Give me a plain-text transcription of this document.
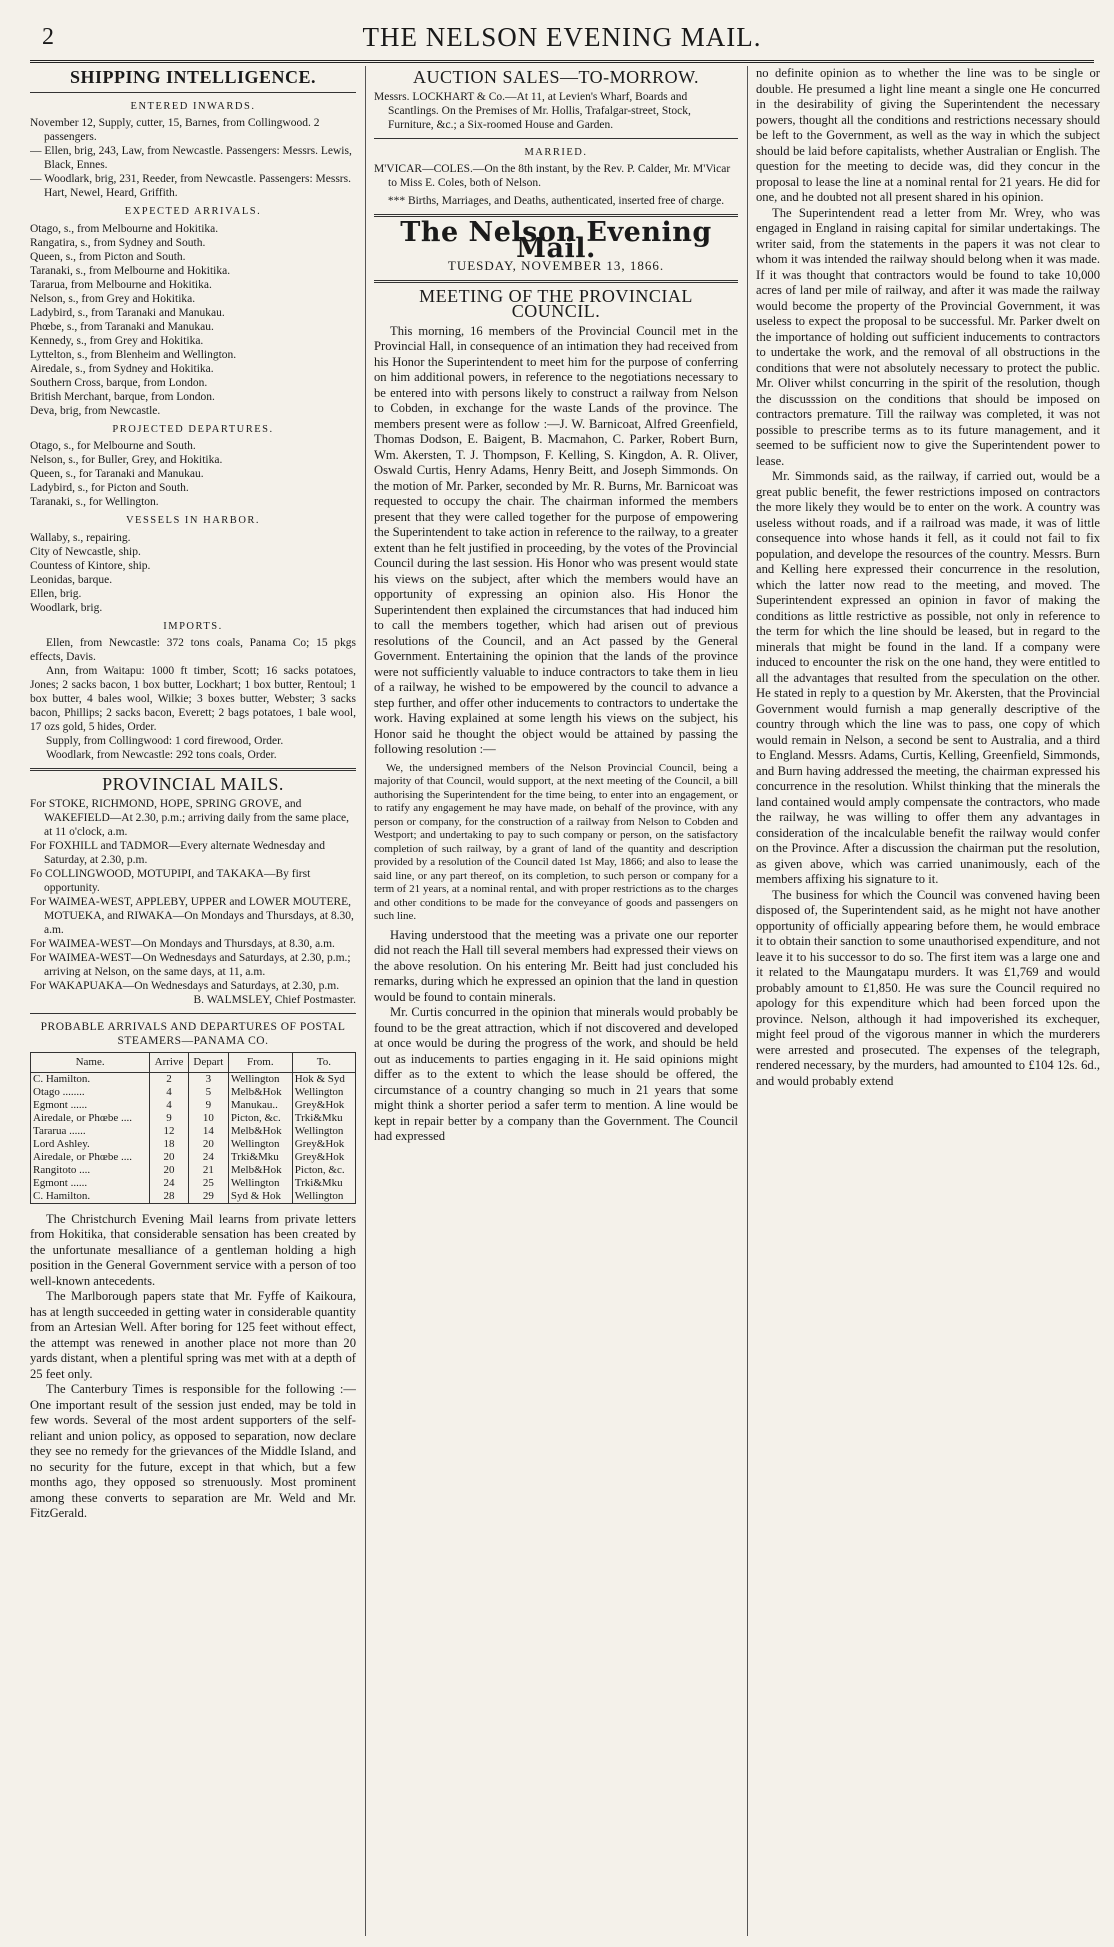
2	THE NELSON EVENING MAIL.
SHIPPING INTELLIGENCE.
ENTERED INWARDS.

November 12, Supply, cutter, 15, Barnes, from Collingwood. 2 passengers.

— Ellen, brig, 243, Law, from Newcastle. Passengers: Messrs. Lewis, Black, Ennes.

— Woodlark, brig, 231, Reeder, from Newcastle. Passengers: Messrs. Hart, Newel, Heard, Griffith.

EXPECTED ARRIVALS.

Otago, s., from Melbourne and Hokitika.

Rangatira, s., from Sydney and South.

Queen, s., from Picton and South.

Taranaki, s., from Melbourne and Hokitika.

Tararua, from Melbourne and Hokitika.

Nelson, s., from Grey and Hokitika.

Ladybird, s., from Taranaki and Manukau.

Phœbe, s., from Taranaki and Manukau.

Kennedy, s., from Grey and Hokitika.

Lyttelton, s., from Blenheim and Wellington.

Airedale, s., from Sydney and Hokitika.

Southern Cross, barque, from London.

British Merchant, barque, from London.

Deva, brig, from Newcastle.

PROJECTED DEPARTURES.

Otago, s., for Melbourne and South.

Nelson, s., for Buller, Grey, and Hokitika.

Queen, s., for Taranaki and Manukau.

Ladybird, s., for Picton and South.

Taranaki, s., for Wellington.

VESSELS IN HARBOR.

Wallaby, s., repairing.

City of Newcastle, ship.

Countess of Kintore, ship.

Leonidas, barque.

Ellen, brig.

Woodlark, brig.

IMPORTS.

Ellen, from Newcastle: 372 tons coals, Panama Co; 15 pkgs effects, Davis.

Ann, from Waitapu: 1000 ft timber, Scott; 16 sacks potatoes, Jones; 2 sacks bacon, 1 box butter, Lockhart; 1 box butter, Rentoul; 1 box butter, 4 bales wool, Wilkie; 3 boxes butter, Webster; 3 sacks bacon, Phillips; 2 sacks bacon, Everett; 2 bags potatoes, 1 bale wool, 17 ozs gold, 5 hides, Order.

Supply, from Collingwood: 1 cord firewood, Order.

Woodlark, from Newcastle: 292 tons coals, Order.

PROVINCIAL MAILS.

For STOKE, RICHMOND, HOPE, SPRING GROVE, and WAKEFIELD—At 2.30, p.m.; arriving daily from the same place, at 11 o'clock, a.m.

For FOXHILL and TADMOR—Every alternate Wednesday and Saturday, at 2.30, p.m.

Fo COLLINGWOOD, MOTUPIPI, and TAKAKA—By first opportunity.

For WAIMEA-WEST, APPLEBY, UPPER and LOWER MOUTERE, MOTUEKA, and RIWAKA—On Mondays and Thursdays, at 8.30, a.m.

For WAIMEA-WEST—On Mondays and Thursdays, at 8.30, a.m.

For WAIMEA-WEST—On Wednesdays and Saturdays, at 2.30, p.m.; arriving at Nelson, on the same days, at 11, a.m.

For WAKAPUAKA—On Wednesdays and Saturdays, at 2.30, p.m.

B. WALMSLEY, Chief Postmaster.

PROBABLE ARRIVALS AND DEPARTURES OF POSTAL STEAMERS—PANAMA CO.
Name.	Arrive	Depart	From.	To.
C. Hamilton.	2	3	Wellington	Hok & Syd
Otago ........	4	5	Melb&Hok	Wellington
Egmont ......	4	9	Manukau..	Grey&Hok
Airedale, or Phœbe ....	9	10	Picton, &c.	Trki&Mku
Tararua ......	12	14	Melb&Hok	Wellington
Lord Ashley.	18	20	Wellington	Grey&Hok
Airedale, or Phœbe ....	20	24	Trki&Mku	Grey&Hok
Rangitoto ....	20	21	Melb&Hok	Picton, &c.
Egmont ......	24	25	Wellington	Trki&Mku
C. Hamilton.	28	29	Syd & Hok	Wellington

The Christchurch Evening Mail learns from private letters from Hokitika, that considerable sensation has been created by the unfortunate mesalliance of a gentleman holding a high position in the General Government service with a person of too well-known antecedents.

The Marlborough papers state that Mr. Fyffe of Kaikoura, has at length succeeded in getting water in considerable quantity from an Artesian Well. After boring for 125 feet without effect, the attempt was renewed in another place not more than 20 yards distant, when a plentiful spring was met with at a depth of 25 feet only.

The Canterbury Times is responsible for the following :—One important result of the session just ended, may be told in few words. Several of the most ardent supporters of the self-reliant and union policy, as opposed to separation, now declare they see no remedy for the grievances of the Middle Island, and no security for the future, except in that which, but a few months ago, they opposed so strenuously. Most prominent among these converts to separation are Mr. Weld and Mr. FitzGerald.

AUCTION SALES—TO-MORROW.

Messrs. LOCKHART & Co.—At 11, at Levien's Wharf, Boards and Scantlings. On the Premises of Mr. Hollis, Trafalgar-street, Stock, Furniture, &c.; a Six-roomed House and Garden.

MARRIED.

M'VICAR—COLES.—On the 8th instant, by the Rev. P. Calder, Mr. M'Vicar to Miss E. Coles, both of Nelson.

*** Births, Marriages, and Deaths, authenticated, inserted free of charge.

The Nelson Evening Mail.
TUESDAY, NOVEMBER 13, 1866.
MEETING OF THE PROVINCIAL COUNCIL.

This morning, 16 members of the Provincial Council met in the Provincial Hall, in consequence of an intimation they had received from his Honor the Superintendent to meet him for the purpose of conferring on him additional powers, in reference to the negotiations necessary to be entered into with persons likely to construct a railway from Nelson to Cobden, in exchange for the waste Lands of the province. The members present were as follow :—J. W. Barnicoat, Alfred Greenfield, Thomas Dodson, E. Baigent, B. Macmahon, C. Parker, Robert Burn, Wm. Akersten, T. J. Thompson, F. Kelling, S. Kingdon, A. R. Oliver, Oswald Curtis, Henry Adams, Henry Beitt, and Joseph Simmonds. On the motion of Mr. Parker, seconded by Mr. R. Burns, Mr. Barnicoat was requested to occupy the chair. The chairman informed the members present that they were called together for the purpose of empowering the Superintendent to take action in reference to the railway, to a greater extent than he felt justified in proceeding, by the votes of the Provincial Council during the last session. His Honor who was present would state his views on the subject, after which the members would have an opportunity of expressing an opinion also. His Honor the Superintendent then explained the circumstances that had induced him to call the members together, which had arisen out of previous resolutions of the Council, and an Act passed by the General Government. Entertaining the opinion that the lands of the province were not sufficiently valuable to induce contractors to take them in lieu of a railway, he wished to be empowered by the council to advance a step further, and offer other inducements to contractors to undertake the work. Having explained at some length his views on the subject, his Honor said he thought the object would be attained by passing the following resolution :—

We, the undersigned members of the Nelson Provincial Council, being a majority of that Council, would support, at the next meeting of the Council, a bill authorising the Superintendent for the time being, to enter into an engagement, or to ratify any engagement he may have made, on behalf of the province, with any person or company, for the construction of a railway from Nelson to Cobden and Westport; and undertaking to pay to such company or person, on the satisfactory completion of such railway, by a grant of land of the quantity and description provided by a resolution of the Council dated 1st May, 1866; and also to lease the said line, or any part thereof, on its completion, to such person or company for a term of 21 years, at a nominal rental, and with proper restrictions as to the charges and other conditions to be made for the conveyance of goods and passengers on such line.

Having understood that the meeting was a private one our reporter did not reach the Hall till several members had expressed their views on the above resolution. On his entering Mr. Beitt had just concluded his remarks, during which he expressed an opinion that the land in question would be found to contain minerals.

Mr. Curtis concurred in the opinion that minerals would probably be found to be the great attraction, which if not discovered and developed at once would be during the progress of the work, and should be held out as inducements to parties engaging in it. He said opinions might differ as to the extent to which the lease should be offered, the circumstance of a country changing so much in 21 years that some might think a shorter period a safer term to mention. A line would be kept in repair better by a company than the Government. The Council had expressed

no definite opinion as to whether the line was to be single or double. He presumed a light line meant a single one He concurred in the desirability of giving the Superintendent the necessary powers, thought all the conditions and restrictions necessary should be left to the Government, as well as the way in which the subject should be laid before capitalists, whether Australian or English. The question for the meeting to decide was, did they concur in the proposal to lease the line at a nominal rental for 21 years. He did for one, and he doubted not all present shared in his opinion.

The Superintendent read a letter from Mr. Wrey, who was engaged in England in raising capital for similar undertakings. The writer said, from the statements in the papers it was not clear to whom it was intended the railway should belong when it was made. If it was thought that contractors would be found to take 10,000 acres of land per mile of railway, and after it was made the railway would become the property of the Provincial Government, it was useless to expect the proposal to be successful. Mr. Parker dwelt on the importance of holding out sufficient inducements to contractors to undertake the work, and the removal of all obstructions in the conditions that were not absolutely necessary to protect the public. Mr. Oliver whilst concurring in the spirit of the resolution, though the discusssion on the conditions that should be imposed on contractors premature. Till the railway was completed, it was not possible to prescribe terms as to its future management, and it seemed to be sufficient now to give the Superintendent power to lease.

Mr. Simmonds said, as the railway, if carried out, would be a great public benefit, the fewer restrictions imposed on contractors the more likely they would be to enter on the work. A country was useless without roads, and if a railroad was made, it was of little consequence into whose hands it fell, as it could not fail to fix population, and develope the resources of the country. Messrs. Burn and Kelling here expressed their concurrence in the resolution, which the latter now read to the meeting, and moved. The Superintendent expressed an opinion in favor of making the conditions as little restrictive as possible, not only in reference to the term for which the line should be leased, but in regard to the minerals that might be found in the land. If a company were induced to encounter the risk on the one hand, they were entitled to all the advantages that resulted from the speculation on the other. He stated in reply to a question by Mr. Akersten, that the Provincial Government would furnish a map generally descriptive of the country through which the line was to pass, one copy of which would remain in Nelson, a second be sent to Australia, and a third to England. Messrs. Adams, Curtis, Kelling, Greenfield, Simmonds, and Burn having addressed the meeting, the chairman expressed his concurrence in the resolution. Whilst thinking that the minerals the land contained would amply compensate the contractors, who made the railway, he was willing to offer them any advantages in consideration of the incalculable benefit the railway would confer on the Province. After a discussion the chairman put the resolution, as given above, which was carried unanimously, each of the members affixing his signature to it.

The business for which the Council was convened having been disposed of, the Superintendent said, as he might not have another opportunity of officially appearing before them, he would embrace it to obtain their sanction to some unauthorised expenditure, and not leave it to his successor to do so. The first item was a large one and it related to the Maungatapu murders. It was £1,769 and would probably amount to £1,850. He was sure the Council required no apology for this expenditure which had been forced upon the province. Nelson, although it had impoverished its exchequer, might feel proud of the vigorous manner in which the murderers were arrested and prosecuted. The expenses of the telegraph, rendered necessary, by the murders, had amounted to £104 12s. 6d., and would probably extend
